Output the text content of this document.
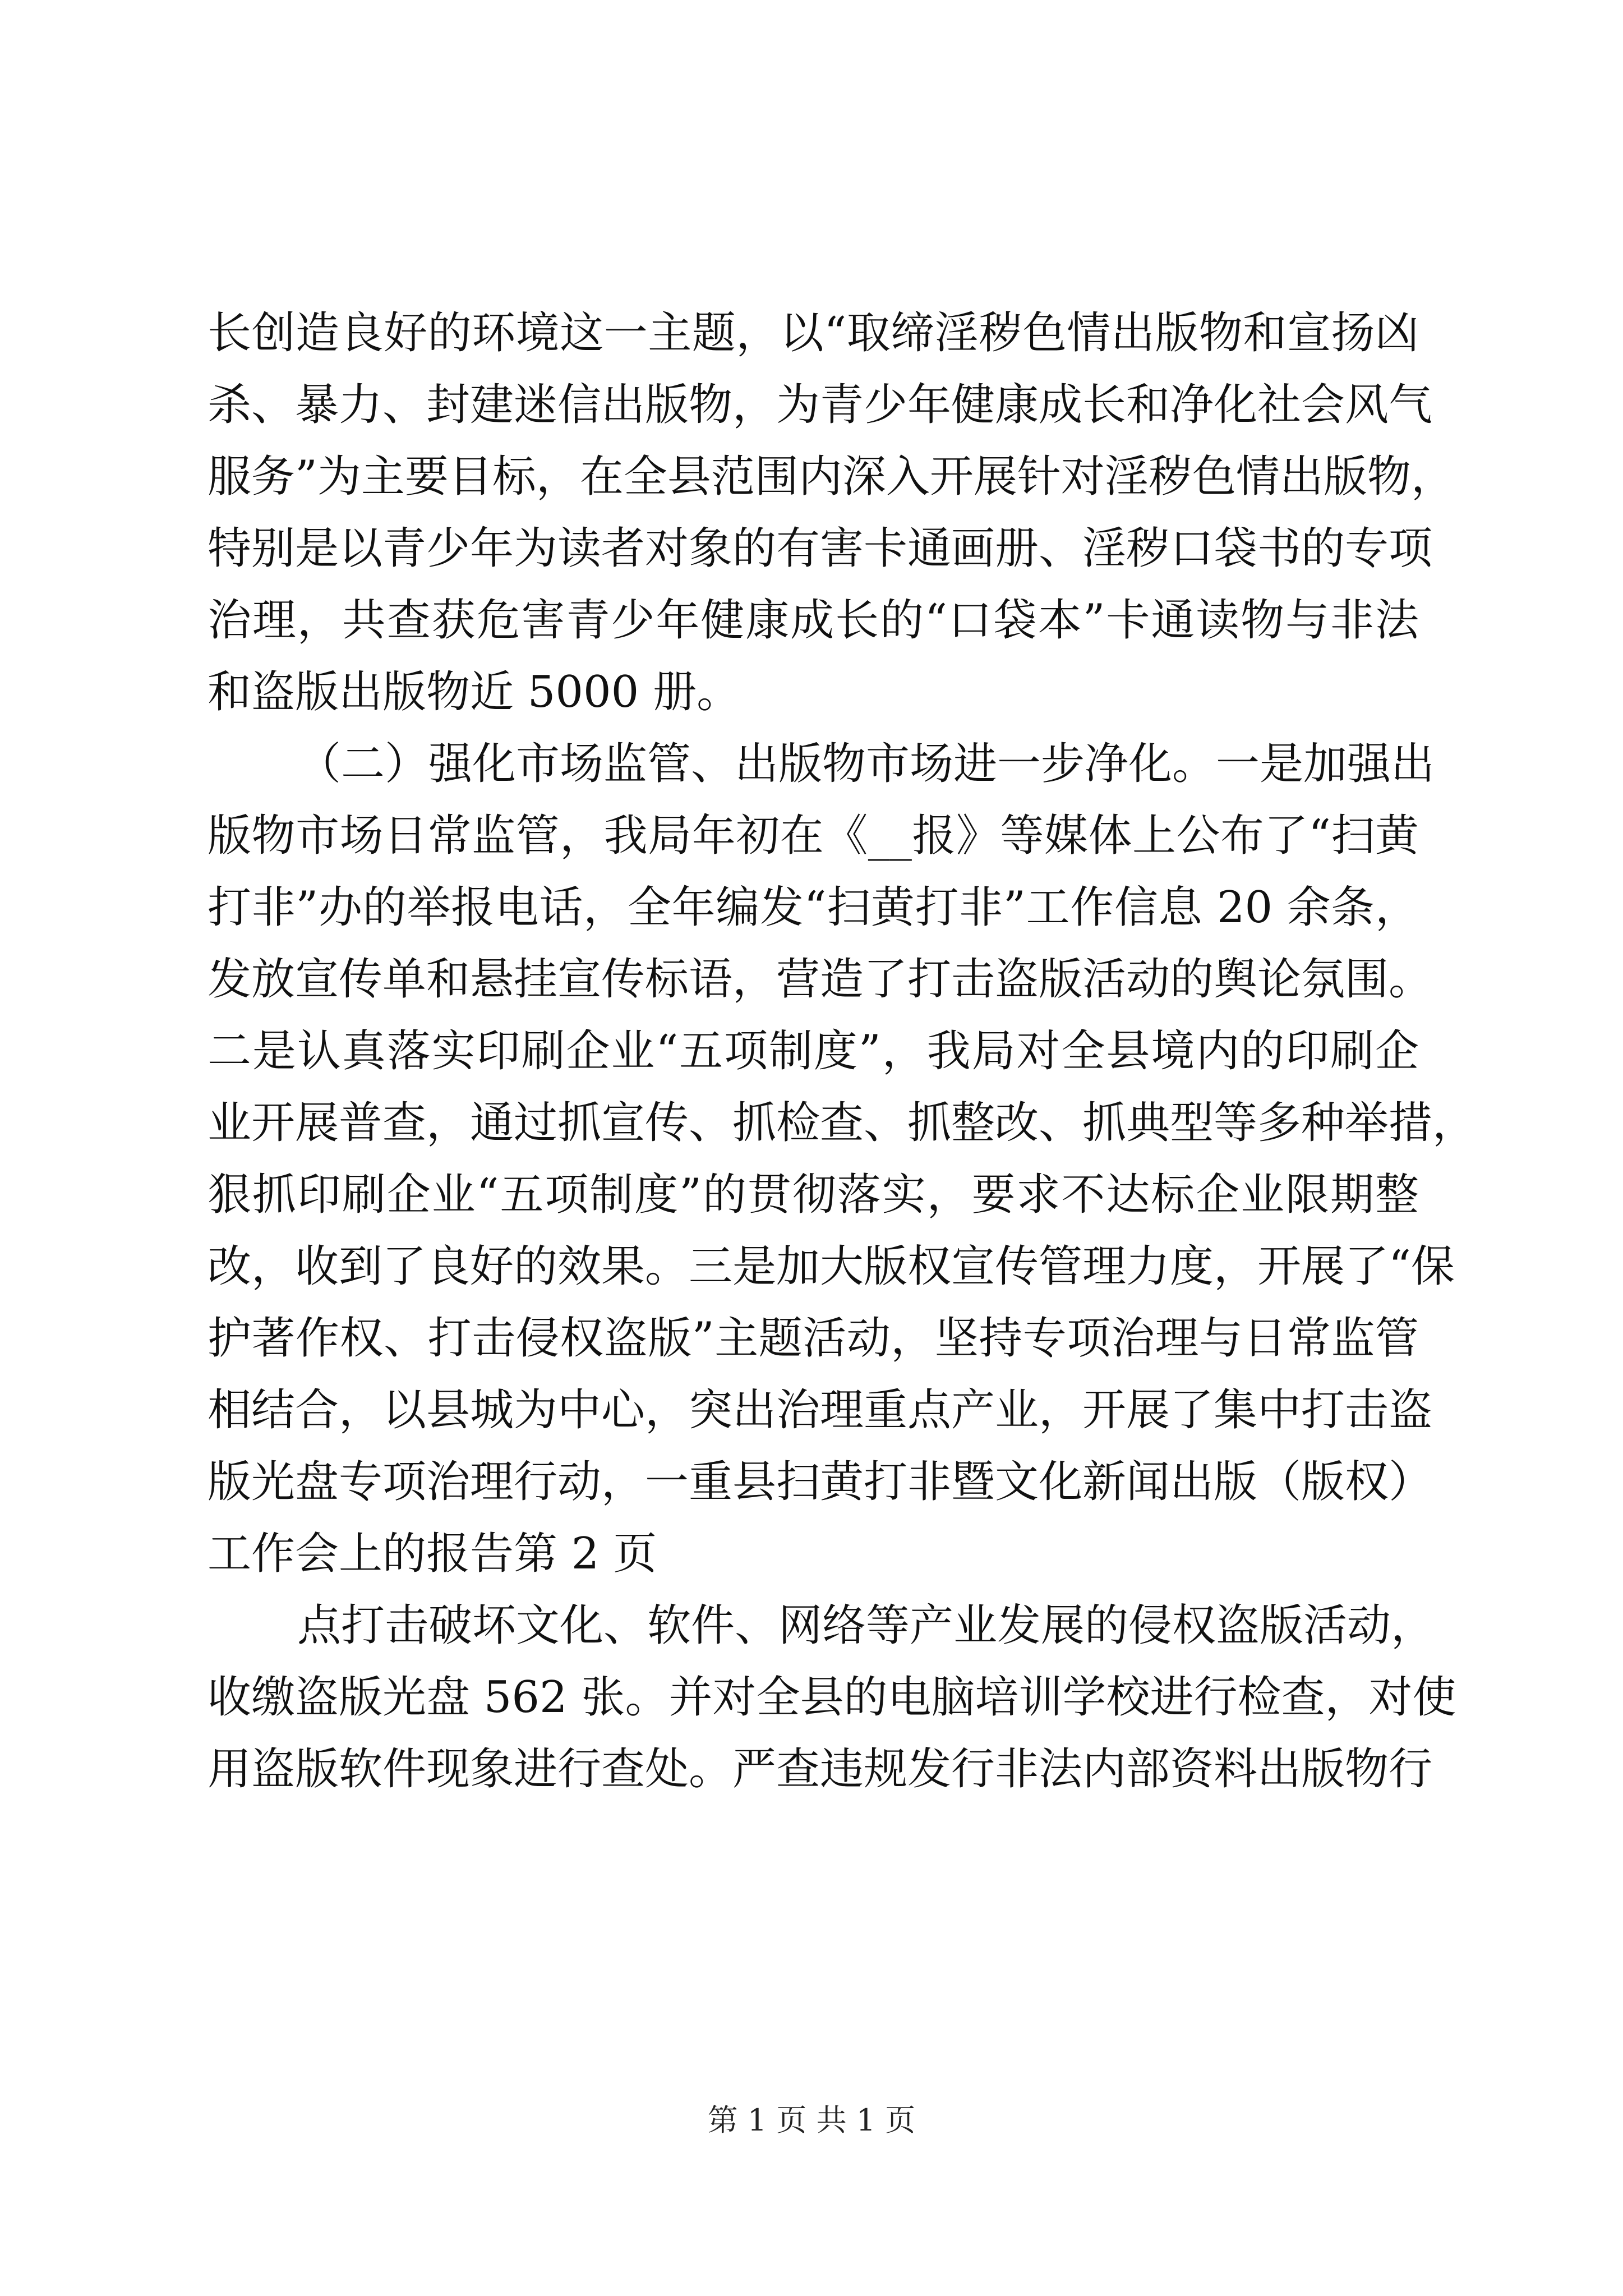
长创造良好的环境这一主题，以“取缔淫秽色情出版物和宣扬凶
杀、暴力、封建迷信出版物，为青少年健康成长和净化社会风气
服务”为主要目标，在全县范围内深入开展针对淫秽色情出版物，
特别是以青少年为读者对象的有害卡通画册、淫秽口袋书的专项
治理，共查获危害青少年健康成长的“口袋本”卡通读物与非法
和盗版出版物近 5000 册。
（二）强化市场监管、出版物市场进一步净化。一是加强出
版物市场日常监管，我局年初在《__报》等媒体上公布了“扫黄
打非”办的举报电话，全年编发“扫黄打非”工作信息 20 余条，
发放宣传单和悬挂宣传标语，营造了打击盗版活动的舆论氛围。
二是认真落实印刷企业“五项制度”，我局对全县境内的印刷企
业开展普查，通过抓宣传、抓检查、抓整改、抓典型等多种举措，
狠抓印刷企业“五项制度”的贯彻落实，要求不达标企业限期整
改，收到了良好的效果。三是加大版权宣传管理力度，开展了“保
护著作权、打击侵权盗版”主题活动，坚持专项治理与日常监管
相结合，以县城为中心，突出治理重点产业，开展了集中打击盗
版光盘专项治理行动，一重县扫黄打非暨文化新闻出版（版权）
工作会上的报告第 2 页
点打击破坏文化、软件、网络等产业发展的侵权盗版活动，
收缴盗版光盘 562 张。并对全县的电脑培训学校进行检查，对使
用盗版软件现象进行查处。严查违规发行非法内部资料出版物行
第 1 页 共 1 页
